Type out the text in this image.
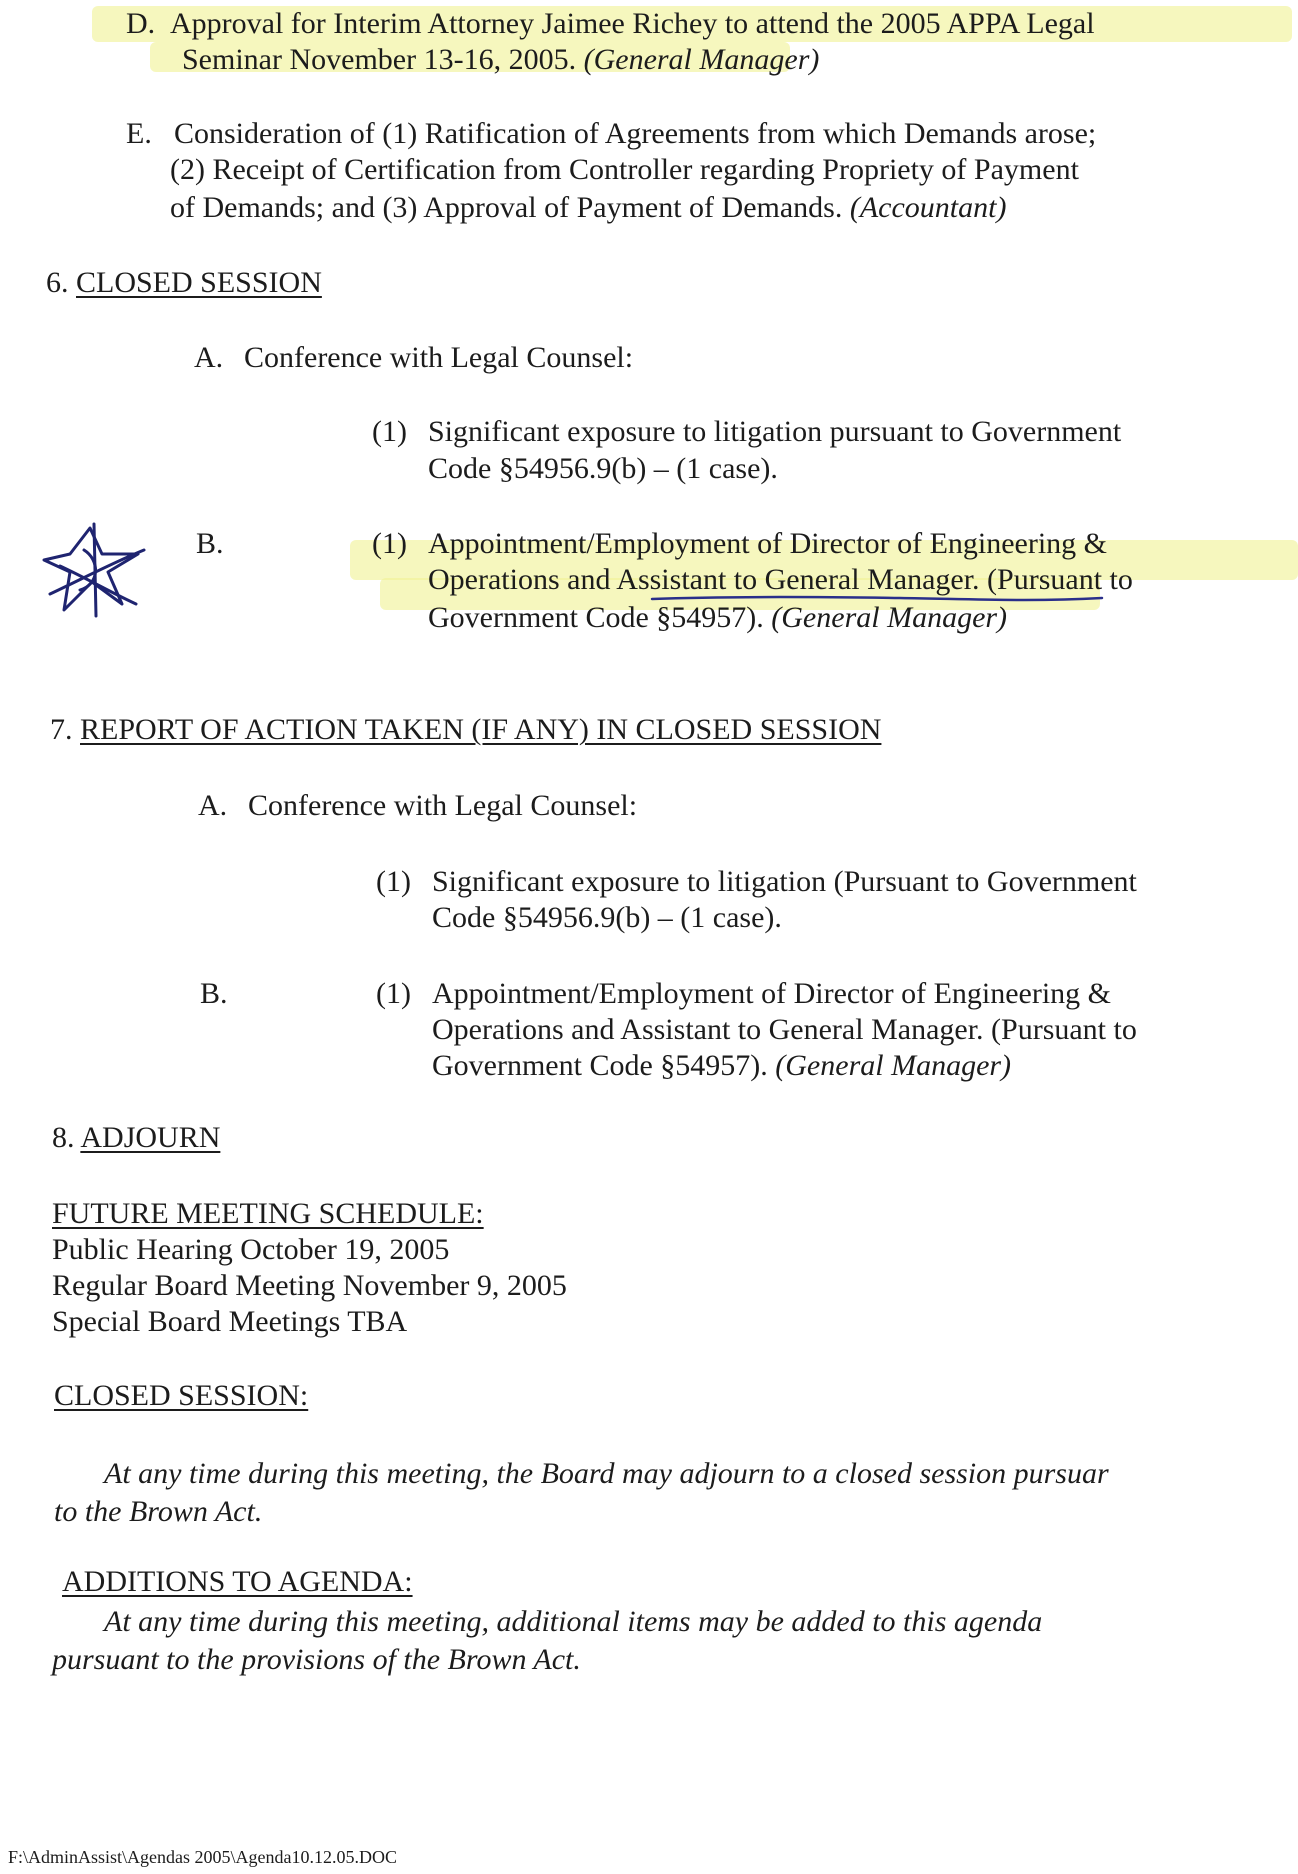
D. Approval for Interim Attorney Jaimee Richey to attend the 2005 APPA Legal
Seminar November 13-16, 2005. (General Manager)
E. Consideration of (1) Ratification of Agreements from which Demands arose;
(2) Receipt of Certification from Controller regarding Propriety of Payment
of Demands; and (3) Approval of Payment of Demands. (Accountant)
6. CLOSED SESSION
A. Conference with Legal Counsel:
(1) Significant exposure to litigation pursuant to Government
Code §54956.9(b) – (1 case).
B.	(1) Appointment/Employment of Director of Engineering &
Operations and Assistant to General Manager. (Pursuant to
Government Code §54957). (General Manager)
7. REPORT OF ACTION TAKEN (IF ANY) IN CLOSED SESSION
A. Conference with Legal Counsel:
(1) Significant exposure to litigation (Pursuant to Government
Code §54956.9(b) – (1 case).
B.	(1) Appointment/Employment of Director of Engineering &
Operations and Assistant to General Manager. (Pursuant to
Government Code §54957). (General Manager)
8. ADJOURN
FUTURE MEETING SCHEDULE:
Public Hearing October 19, 2005
Regular Board Meeting November 9, 2005
Special Board Meetings TBA
CLOSED SESSION:
At any time during this meeting, the Board may adjourn to a closed session pursuar
to the Brown Act.
ADDITIONS TO AGENDA:
At any time during this meeting, additional items may be added to this agenda
pursuant to the provisions of the Brown Act.
F:\AdminAssist\Agendas 2005\Agenda10.12.05.DOC
